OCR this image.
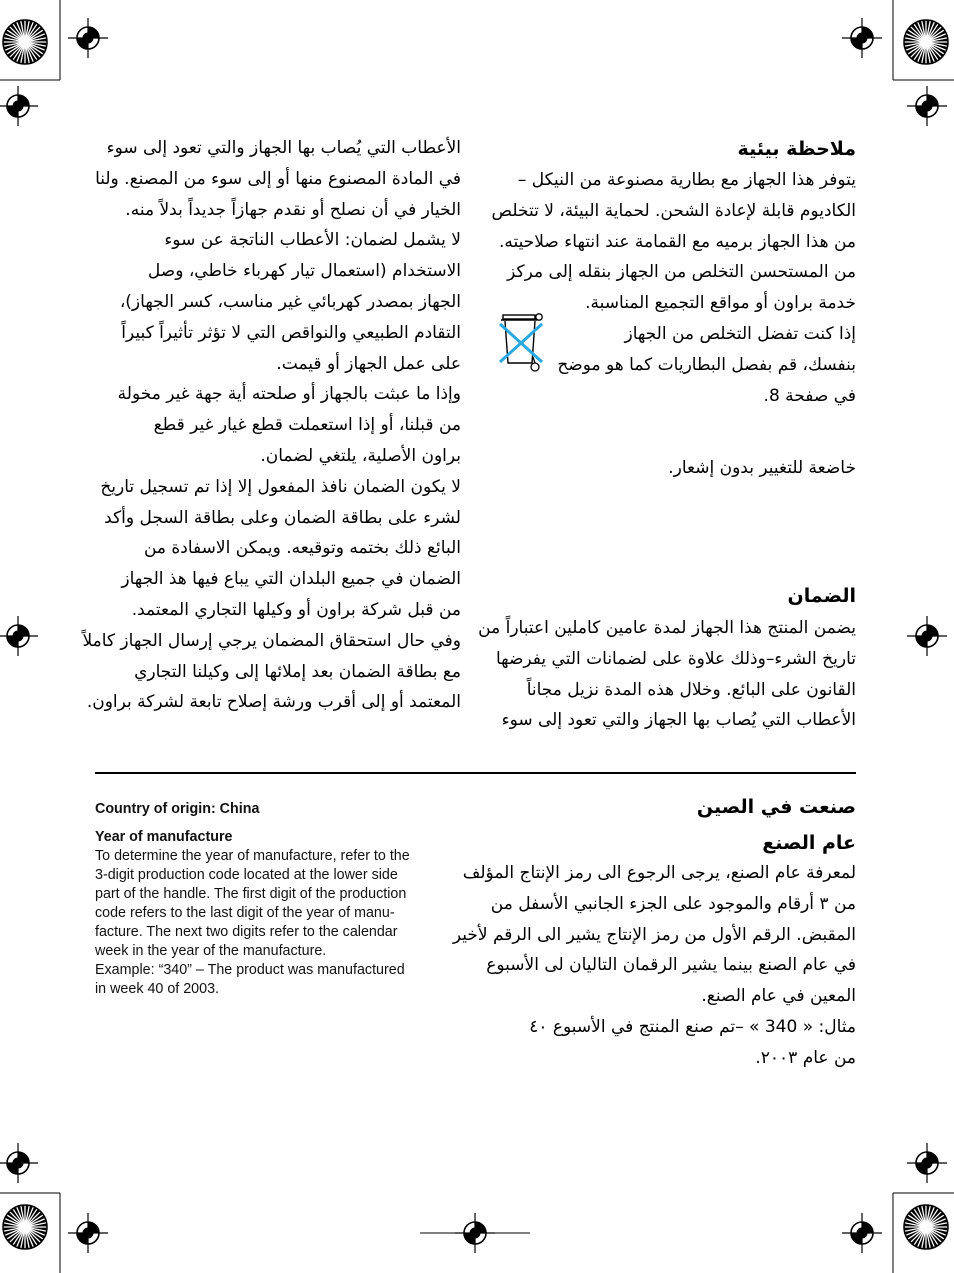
ملاحظة بيئية

يتوفر هذا الجهاز مع بطارية مصنوعة من النيكل –

الكاديوم قابلة لإعادة الشحن. لحماية البيئة، لا تتخلص

من هذا الجهاز برميه مع القمامة عند انتهاء صلاحيته.

من المستحسن التخلص من الجهاز بنقله إلى مركز

خدمة براون أو مواقع التجميع المناسبة.

إذا كنت تفضل التخلص من الجهاز

بنفسك، قم بفصل البطاريات كما هو موضح

في صفحة 8.

خاضعة للتغيير بدون إشعار.

الضمان

يضمن المنتج هذا الجهاز لمدة عامين كاملين اعتباراً من

تاريخ الشرء–وذلك علاوة على لضمانات التي يفرضها

القانون على البائع. وخلال هذه المدة نزيل مجاناً

الأعطاب التي يُصاب بها الجهاز والتي تعود إلى سوء

الأعطاب التي يُصاب بها الجهاز والتي تعود إلى سوء

في المادة المصنوع منها أو إلى سوء من المصنع. ولنا

الخيار في أن نصلح أو نقدم جهازاً جديداً بدلاً منه.

لا يشمل لضمان: الأعطاب الناتجة عن سوء

الاستخدام (استعمال تيار كهرباء خاطي، وصل

الجهاز بمصدر كهربائي غير مناسب، كسر الجهاز)،

التقادم الطبيعي والنواقص التي لا تؤثر تأثيراً كبيراً

على عمل الجهاز أو قيمت.

وإذا ما عبثت بالجهاز أو صلحته أية جهة غير مخولة

من قبلنا، أو إذا استعملت قطع غيار غير قطع

براون الأصلية، يلتغي لضمان.

لا يكون الضمان نافذ المفعول إلا إذا تم تسجيل تاريخ

لشرء على بطاقة الضمان وعلى بطاقة السجل وأكد

البائع ذلك بختمه وتوقيعه. ويمكن الاسفادة من

الضمان في جميع البلدان التي يباع فيها هذ الجهاز

من قبل شركة براون أو وكيلها التجاري المعتمد.

وفي حال استحقاق المضمان يرجي إرسال الجهاز كاملاً

مع بطاقة الضمان بعد إملائها إلى وكيلنا التجاري

المعتمد أو إلى أقرب ورشة إصلاح تابعة لشركة براون.

Country of origin: China

Year of manufacture

To determine the year of manufacture, refer to the

3-digit production code located at the lower side

part of the handle. The first digit of the production

code refers to the last digit of the year of manu-

facture. The next two digits refer to the calendar

week in the year of the manufacture.

Example: “340” – The product was manufactured

in week 40 of 2003.

صنعت في الصين
عام الصنع

لمعرفة عام الصنع، يرجى الرجوع الى رمز الإنتاج المؤلف

من ٣ أرقام والموجود على الجزء الجانبي الأسفل من

المقبض. الرقم الأول من رمز الإنتاج يشير الى الرقم لأخير

في عام الصنع بينما يشير الرقمان التاليان لى الأسبوع

المعين في عام الصنع.

مثال: « 340 » –تم صنع المنتج في الأسبوع ٤٠

من عام ٢٠٠٣.
